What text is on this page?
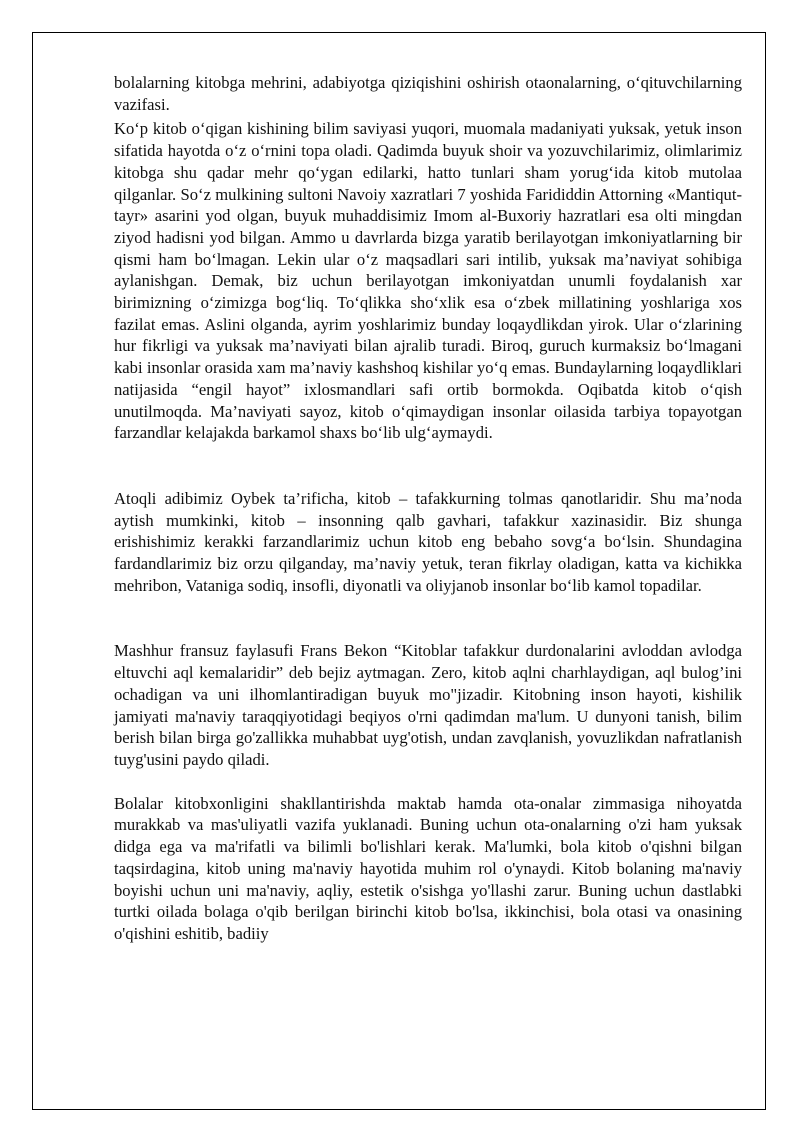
bolalarning kitobga mehrini, adabiyotga qiziqishini oshirish otaonalarning, o‘qituvchilarning vazifasi.

Ko‘p kitob o‘qigan kishining bilim saviyasi yuqori, muomala madaniyati yuksak, yetuk inson sifatida hayotda o‘z o‘rnini topa oladi. Qadimda buyuk shoir va yozuvchilarimiz, olimlarimiz kitobga shu qadar mehr qo‘ygan edilarki, hatto tunlari sham yorug‘ida kitob mutolaa qilganlar. So‘z mulkining sultoni Navoiy xazratlari 7 yoshida Farididdin Attorning «Mantiqut-tayr» asarini yod olgan, buyuk muhaddisimiz Imom al-Buxoriy hazratlari esa olti mingdan ziyod hadisni yod bilgan. Ammo u davrlarda bizga yaratib berilayotgan imkoniyatlarning bir qismi ham bo‘lmagan. Lekin ular o‘z maqsadlari sari intilib, yuksak ma’naviyat sohibiga aylanishgan. Demak, biz uchun berilayotgan imkoniyatdan unumli foydalanish xar birimizning o‘zimizga bog‘liq. To‘qlikka sho‘xlik esa o‘zbek millatining yoshlariga xos fazilat emas. Aslini olganda, ayrim yoshlarimiz bunday loqaydlikdan yirok. Ular o‘zlarining hur fikrligi va yuksak ma’naviyati bilan ajralib turadi. Biroq, guruch kurmaksiz bo‘lmagani kabi insonlar orasida xam ma’naviy kashshoq kishilar yo‘q emas. Bundaylarning loqaydliklari natijasida “engil hayot” ixlosmandlari safi ortib bormokda. Oqibatda kitob o‘qish unutilmoqda. Ma’naviyati sayoz, kitob o‘qimaydigan insonlar oilasida tarbiya topayotgan farzandlar kelajakda barkamol shaxs bo‘lib ulg‘aymaydi.

Atoqli adibimiz Oybek ta’rificha, kitob – tafakkurning tolmas qanotlaridir. Shu ma’noda aytish mumkinki, kitob – insonning qalb gavhari, tafakkur xazinasidir. Biz shunga erishishimiz kerakki farzandlarimiz uchun kitob eng bebaho sovg‘a bo‘lsin. Shundagina fardandlarimiz biz orzu qilganday, ma’naviy yetuk, teran fikrlay oladigan, katta va kichikka mehribon, Vataniga sodiq, insofli, diyonatli va oliyjanob insonlar bo‘lib kamol topadilar.

Mashhur fransuz faylasufi Frans Bekon “Kitoblar tafakkur durdonalarini avloddan avlodga eltuvchi aql kemalaridir” deb bejiz aytmagan. Zero, kitob aqlni charhlaydigan, aql bulog’ini ochadigan va uni ilhomlantiradigan buyuk mo"jizadir. Kitobning inson hayoti, kishilik jamiyati ma'naviy taraqqiyotidagi beqiyos o'rni qadimdan ma'lum. U dunyoni tanish, bilim berish bilan birga go'zallikka muhabbat uyg'otish, undan zavqlanish, yovuzlikdan nafratlanish tuyg'usini paydo qiladi.

Bolalar kitobxonligini shakllantirishda maktab hamda ota-onalar zimmasiga nihoyatda murakkab va mas'uliyatli vazifa yuklanadi. Buning uchun ota-onalarning o'zi ham yuksak didga ega va ma'rifatli va bilimli bo'lishlari kerak. Ma'lumki, bola kitob o'qishni bilgan taqsirdagina, kitob uning ma'naviy hayotida muhim rol o'ynaydi. Kitob bolaning ma'naviy boyishi uchun uni ma'naviy, aqliy, estetik o'sishga yo'llashi zarur. Buning uchun dastlabki turtki oilada bolaga o'qib berilgan birinchi kitob bo'lsa, ikkinchisi, bola otasi va onasining o'qishini eshitib, badiiy
